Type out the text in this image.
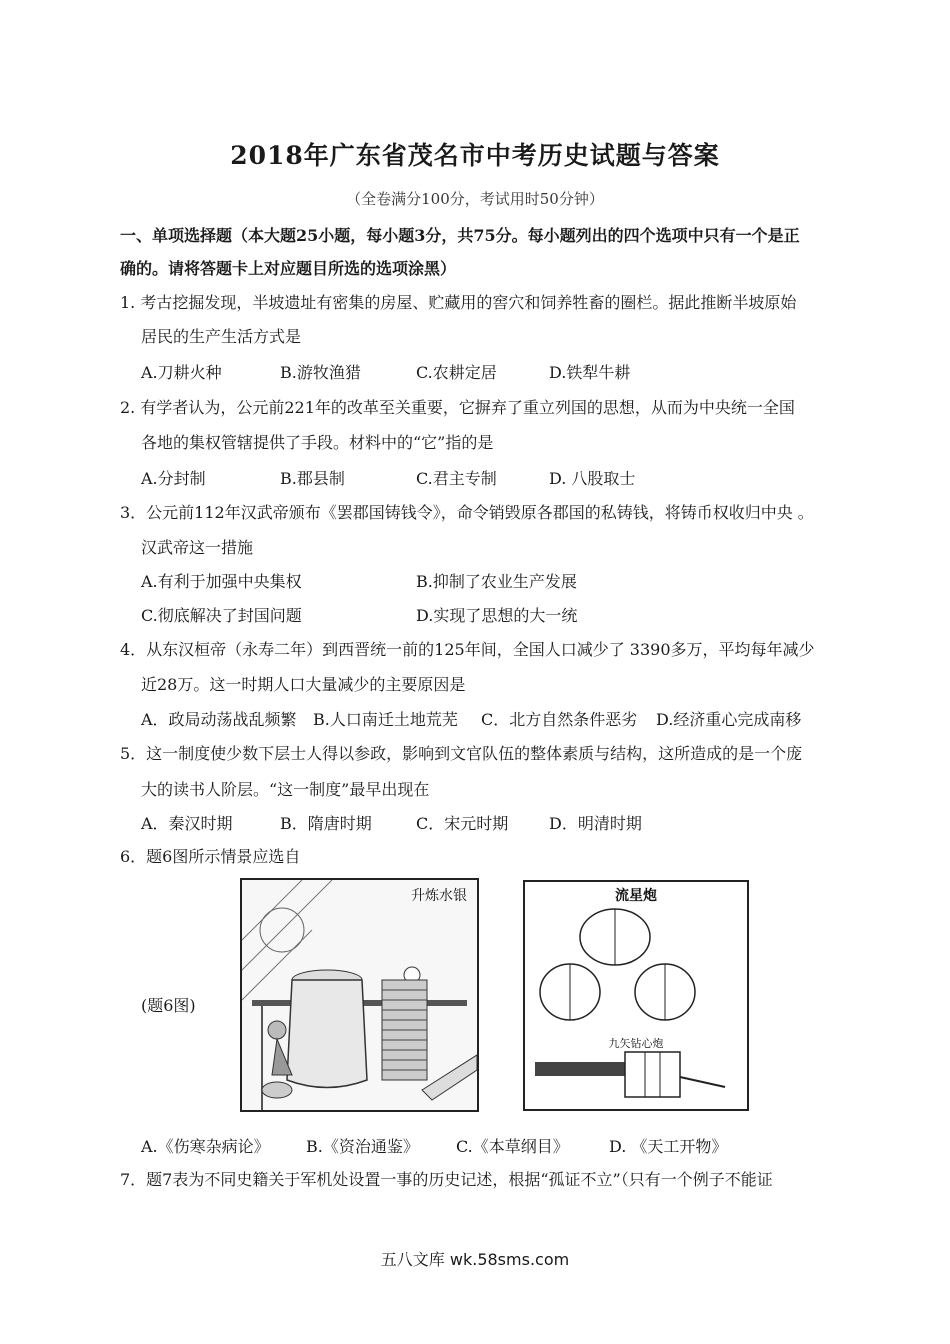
2018年广东省茂名市中考历史试题与答案
（全卷满分100分，考试用时50分钟）
一、单项选择题（本大题25小题，每小题3分，共75分。每小题列出的四个选项中只有一个是正
确的。请将答题卡上对应题目所选的选项涂黑）
1. 考古挖掘发现，半坡遗址有密集的房屋、贮藏用的窖穴和饲养牲畜的圈栏。据此推断半坡原始
居民的生产生活方式是
A.刀耕火种	B.游牧渔猎	C.农耕定居	D.铁犁牛耕
2. 有学者认为，公元前221年的改革至关重要，它摒弃了重立列国的思想，从而为中央统一全国
各地的集权管辖提供了手段。材料中的“它”指的是
A.分封制	B.郡县制	C.君主专制	D. 八股取士
3．公元前112年汉武帝颁布《罢郡国铸钱令》，命令销毁原各郡国的私铸钱，将铸币权收归中央 。
汉武帝这一措施
A.有利于加强中央集权	B.抑制了农业生产发展
C.彻底解决了封国问题	D.实现了思想的大一统
4．从东汉桓帝（永寿二年）到西晋统一前的125年间，全国人口减少了 3390多万，平均每年减少
近28万。这一时期人口大量减少的主要原因是
A．政局动荡战乱频繁 B.人口南迁土地荒芜 C．北方自然条件恶劣 D.经济重心完成南移
5．这一制度使少数下层士人得以参政，影响到文官队伍的整体素质与结构，这所造成的是一个庞
大的读书人阶层。“这一制度”最早出现在
A．秦汉时期	B．隋唐时期	C．宋元时期	D．明清时期
6．题6图所示情景应选自
(题6图)
升炼水银	流星炮
九矢钻心炮
A.《伤寒杂病论》 B.《资治通鉴》 C.《本草纲目》	D. 《天工开物》
7．题7表为不同史籍关于军机处设置一事的历史记述，根据“孤证不立”（只有一个例子不能证
五八文库 wk.58sms.com
